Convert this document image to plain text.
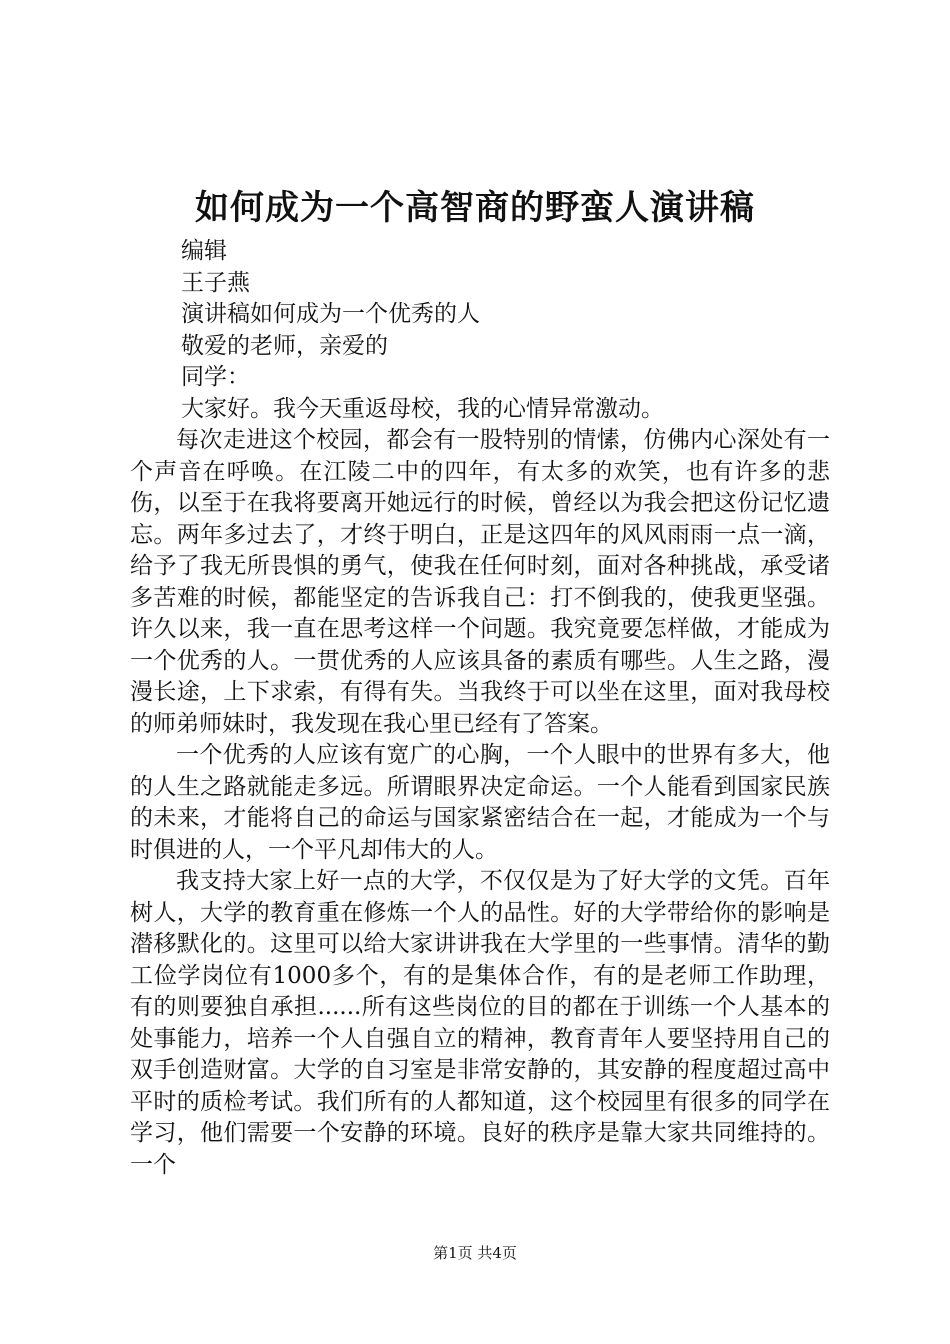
如何成为一个高智商的野蛮人演讲稿
编辑
王子燕
演讲稿如何成为一个优秀的人
敬爱的老师，亲爱的
同学：
大家好。我今天重返母校，我的心情异常激动。

每次走进这个校园，都会有一股特别的情愫，仿佛内心深处有一个声音在呼唤。在江陵二中的四年，有太多的欢笑，也有许多的悲伤，以至于在我将要离开她远行的时候，曾经以为我会把这份记忆遗忘。两年多过去了，才终于明白，正是这四年的风风雨雨一点一滴，给予了我无所畏惧的勇气，使我在任何时刻，面对各种挑战，承受诸多苦难的时候，都能坚定的告诉我自己：打不倒我的，使我更坚强。许久以来，我一直在思考这样一个问题。我究竟要怎样做，才能成为一个优秀的人。一贯优秀的人应该具备的素质有哪些。人生之路，漫漫长途，上下求索，有得有失。当我终于可以坐在这里，面对我母校的师弟师妹时，我发现在我心里已经有了答案。

一个优秀的人应该有宽广的心胸，一个人眼中的世界有多大，他的人生之路就能走多远。所谓眼界决定命运。一个人能看到国家民族的未来，才能将自己的命运与国家紧密结合在一起，才能成为一个与时俱进的人，一个平凡却伟大的人。

我支持大家上好一点的大学，不仅仅是为了好大学的文凭。百年树人，大学的教育重在修炼一个人的品性。好的大学带给你的影响是潜移默化的。这里可以给大家讲讲我在大学里的一些事情。清华的勤工俭学岗位有1000多个，有的是集体合作，有的是老师工作助理，有的则要独自承担......所有这些岗位的目的都在于训练一个人基本的处事能力，培养一个人自强自立的精神，教育青年人要坚持用自己的双手创造财富。大学的自习室是非常安静的，其安静的程度超过高中平时的质检考试。我们所有的人都知道，这个校园里有很多的同学在学习，他们需要一个安静的环境。良好的秩序是靠大家共同维持的。一个

第1页 共4页
